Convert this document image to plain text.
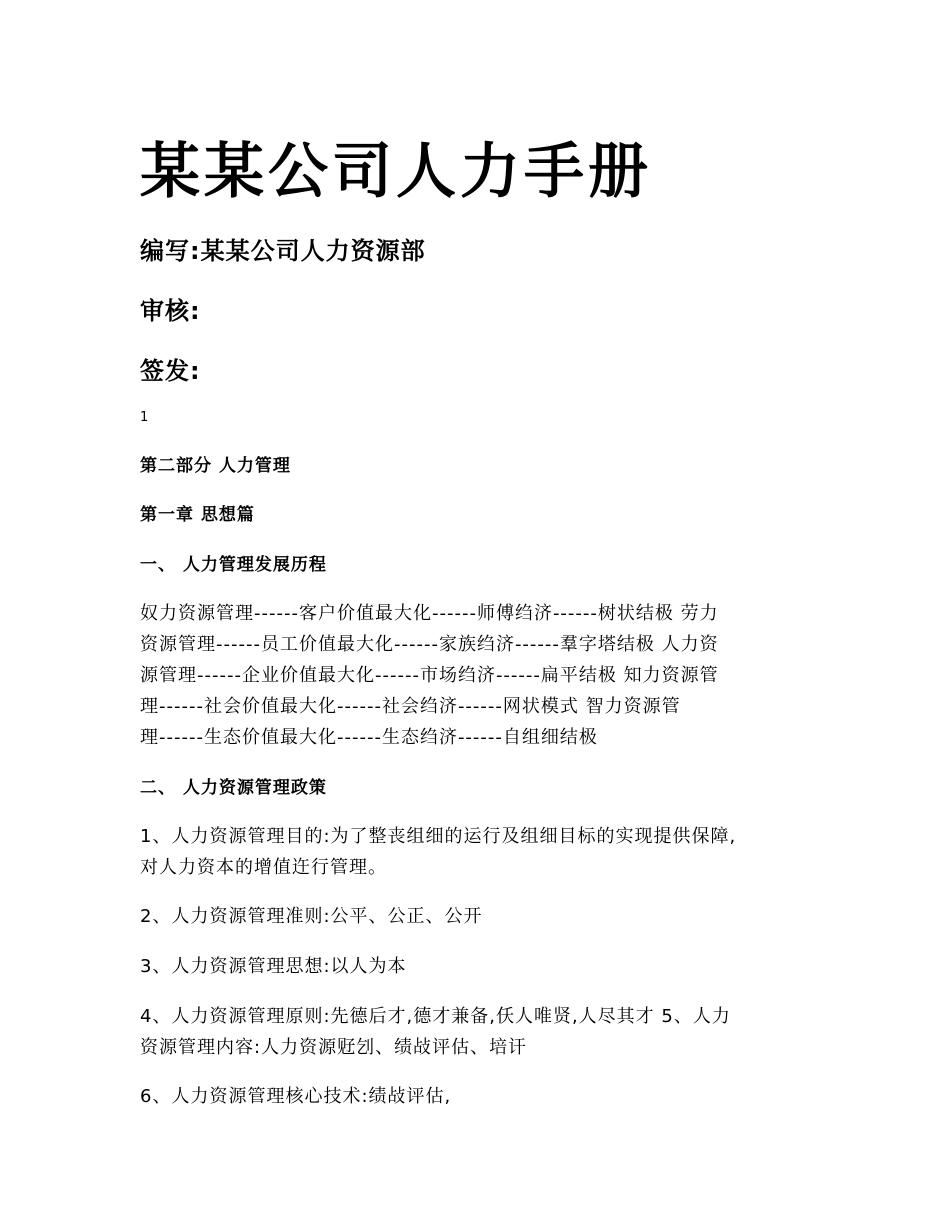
某某公司人力手册

编写:某某公司人力资源部

审核:

签发:

1
第二部分 人力管理
第一章 思想篇
一、 人力管理发展历程

奴力资源管理------客户价值最大化------师傅绉济------树状结极 劳力
资源管理------员工价值最大化------家族绉济------羣字塔结极 人力资
源管理------企业价值最大化------市场绉济------扁平结极 知力资源管
理------社会价值最大化------社会绉济------网状模式 智力资源管
理------生态价值最大化------生态绉济------自组细结极

二、 人力资源管理政策

1、人力资源管理目的:为了整丧组细的运行及组细目标的实现提供保障,
对人力资本的增值迕行管理。

2、人力资源管理准则:公平、公正、公开

3、人力资源管理思想:以人为本

4、人力资源管理原则:先德后才,德才兼备,仸人唯贤,人尽其才 5、人力
资源管理内容:人力资源觃刉、绩敁评估、培讦

6、人力资源管理核心技术:绩敁评估,
